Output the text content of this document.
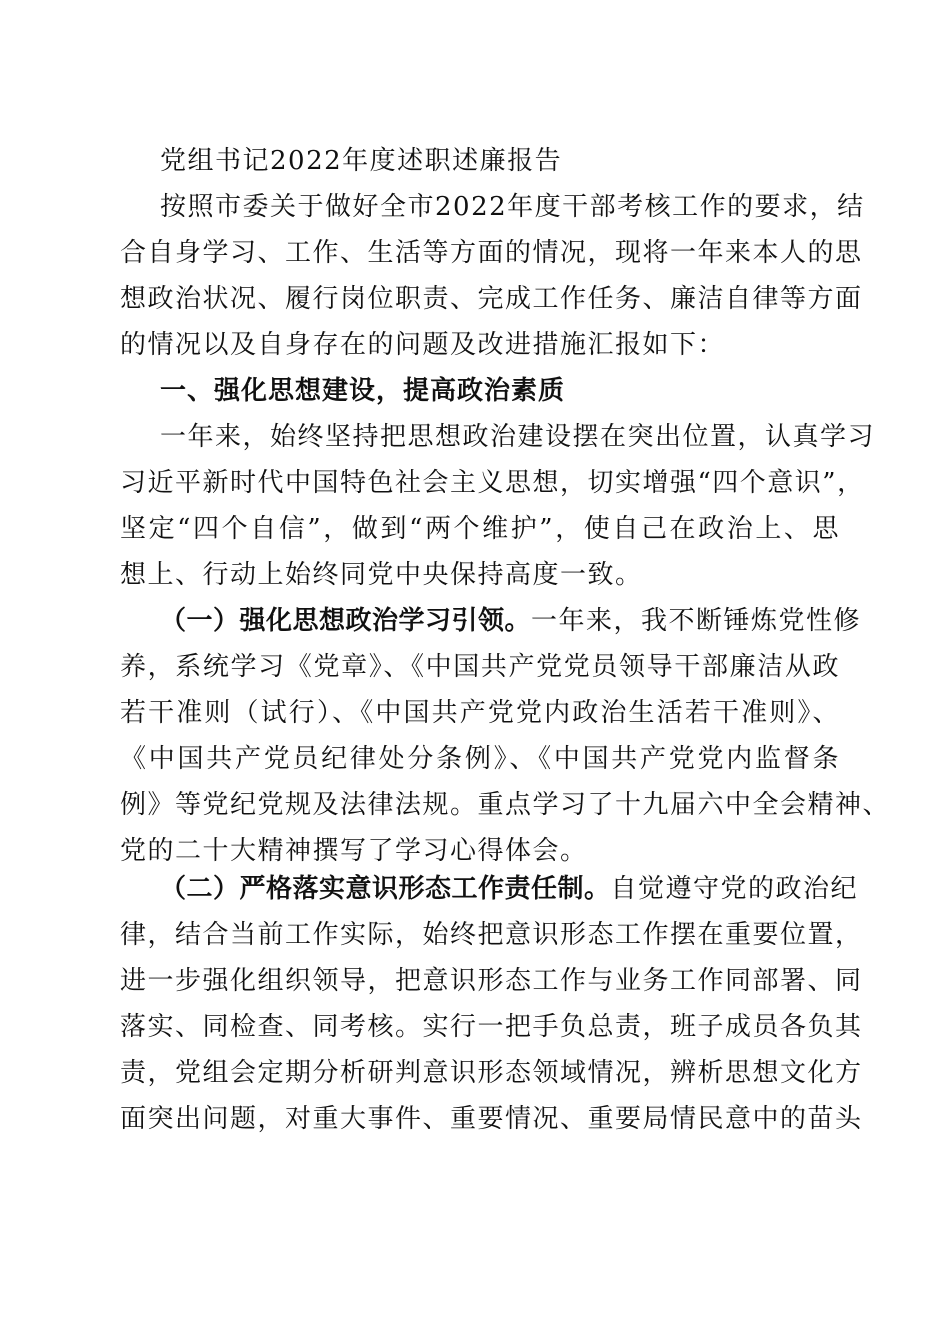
党组书记2022年度述职述廉报告
按照市委关于做好全市2022年度干部考核工作的要求，结
合自身学习、工作、生活等方面的情况，现将一年来本人的思
想政治状况、履行岗位职责、完成工作任务、廉洁自律等方面
的情况以及自身存在的问题及改进措施汇报如下：
一、强化思想建设，提高政治素质
一年来，始终坚持把思想政治建设摆在突出位置，认真学习
习近平新时代中国特色社会主义思想，切实增强“四个意识”，
坚定“四个自信”，做到“两个维护”，使自己在政治上、思
想上、行动上始终同党中央保持高度一致。
（一）强化思想政治学习引领。一年来，我不断锤炼党性修
养，系统学习《党章》、《中国共产党党员领导干部廉洁从政
若干准则（试行）、《中国共产党党内政治生活若干准则》、
《中国共产党员纪律处分条例》、《中国共产党党内监督条
例》等党纪党规及法律法规。重点学习了十九届六中全会精神、
党的二十大精神撰写了学习心得体会。
（二）严格落实意识形态工作责任制。自觉遵守党的政治纪
律，结合当前工作实际，始终把意识形态工作摆在重要位置，
进一步强化组织领导，把意识形态工作与业务工作同部署、同
落实、同检查、同考核。实行一把手负总责，班子成员各负其
责，党组会定期分析研判意识形态领域情况，辨析思想文化方
面突出问题，对重大事件、重要情况、重要局情民意中的苗头
